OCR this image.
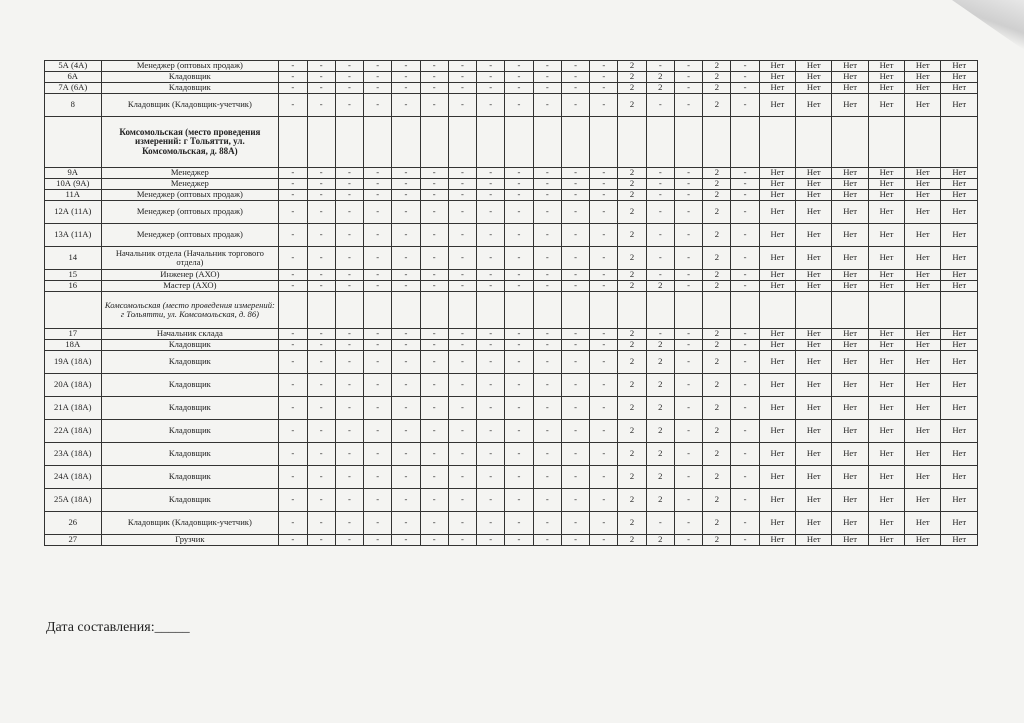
5А (4А)	Менеджер (оптовых продаж)	-	-	-	-	-	-	-	-	-	-	-	-	2	-	-	2	-	Нет	Нет	Нет	Нет	Нет	Нет
6А	Кладовщик	-	-	-	-	-	-	-	-	-	-	-	-	2	2	-	2	-	Нет	Нет	Нет	Нет	Нет	Нет
7А (6А)	Кладовщик	-	-	-	-	-	-	-	-	-	-	-	-	2	2	-	2	-	Нет	Нет	Нет	Нет	Нет	Нет
8	Кладовщик (Кладовщик-учетчик)	-	-	-	-	-	-	-	-	-	-	-	-	2	-	-	2	-	Нет	Нет	Нет	Нет	Нет	Нет
	Комсомольская (место проведения измерений: г Тольятти, ул. Комсомольская, д. 88А)																							
9А	Менеджер	-	-	-	-	-	-	-	-	-	-	-	-	2	-	-	2	-	Нет	Нет	Нет	Нет	Нет	Нет
10А (9А)	Менеджер	-	-	-	-	-	-	-	-	-	-	-	-	2	-	-	2	-	Нет	Нет	Нет	Нет	Нет	Нет
11А	Менеджер (оптовых продаж)	-	-	-	-	-	-	-	-	-	-	-	-	2	-	-	2	-	Нет	Нет	Нет	Нет	Нет	Нет
12А (11А)	Менеджер (оптовых продаж)	-	-	-	-	-	-	-	-	-	-	-	-	2	-	-	2	-	Нет	Нет	Нет	Нет	Нет	Нет
13А (11А)	Менеджер (оптовых продаж)	-	-	-	-	-	-	-	-	-	-	-	-	2	-	-	2	-	Нет	Нет	Нет	Нет	Нет	Нет
14	Начальник отдела (Начальник торгового отдела)	-	-	-	-	-	-	-	-	-	-	-	-	2	-	-	2	-	Нет	Нет	Нет	Нет	Нет	Нет
15	Инженер (АХО)	-	-	-	-	-	-	-	-	-	-	-	-	2	-	-	2	-	Нет	Нет	Нет	Нет	Нет	Нет
16	Мастер (АХО)	-	-	-	-	-	-	-	-	-	-	-	-	2	2	-	2	-	Нет	Нет	Нет	Нет	Нет	Нет
	Комсомольская (место проведения измерений: г Тольятти, ул. Комсомольская, д. 86)																							
17	Начальник склада	-	-	-	-	-	-	-	-	-	-	-	-	2	-	-	2	-	Нет	Нет	Нет	Нет	Нет	Нет
18А	Кладовщик	-	-	-	-	-	-	-	-	-	-	-	-	2	2	-	2	-	Нет	Нет	Нет	Нет	Нет	Нет
19А (18А)	Кладовщик	-	-	-	-	-	-	-	-	-	-	-	-	2	2	-	2	-	Нет	Нет	Нет	Нет	Нет	Нет
20А (18А)	Кладовщик	-	-	-	-	-	-	-	-	-	-	-	-	2	2	-	2	-	Нет	Нет	Нет	Нет	Нет	Нет
21А (18А)	Кладовщик	-	-	-	-	-	-	-	-	-	-	-	-	2	2	-	2	-	Нет	Нет	Нет	Нет	Нет	Нет
22А (18А)	Кладовщик	-	-	-	-	-	-	-	-	-	-	-	-	2	2	-	2	-	Нет	Нет	Нет	Нет	Нет	Нет
23А (18А)	Кладовщик	-	-	-	-	-	-	-	-	-	-	-	-	2	2	-	2	-	Нет	Нет	Нет	Нет	Нет	Нет
24А (18А)	Кладовщик	-	-	-	-	-	-	-	-	-	-	-	-	2	2	-	2	-	Нет	Нет	Нет	Нет	Нет	Нет
25А (18А)	Кладовщик	-	-	-	-	-	-	-	-	-	-	-	-	2	2	-	2	-	Нет	Нет	Нет	Нет	Нет	Нет
26	Кладовщик (Кладовщик-учетчик)	-	-	-	-	-	-	-	-	-	-	-	-	2	-	-	2	-	Нет	Нет	Нет	Нет	Нет	Нет
27	Грузчик	-	-	-	-	-	-	-	-	-	-	-	-	2	2	-	2	-	Нет	Нет	Нет	Нет	Нет	Нет
Дата составления:_____
